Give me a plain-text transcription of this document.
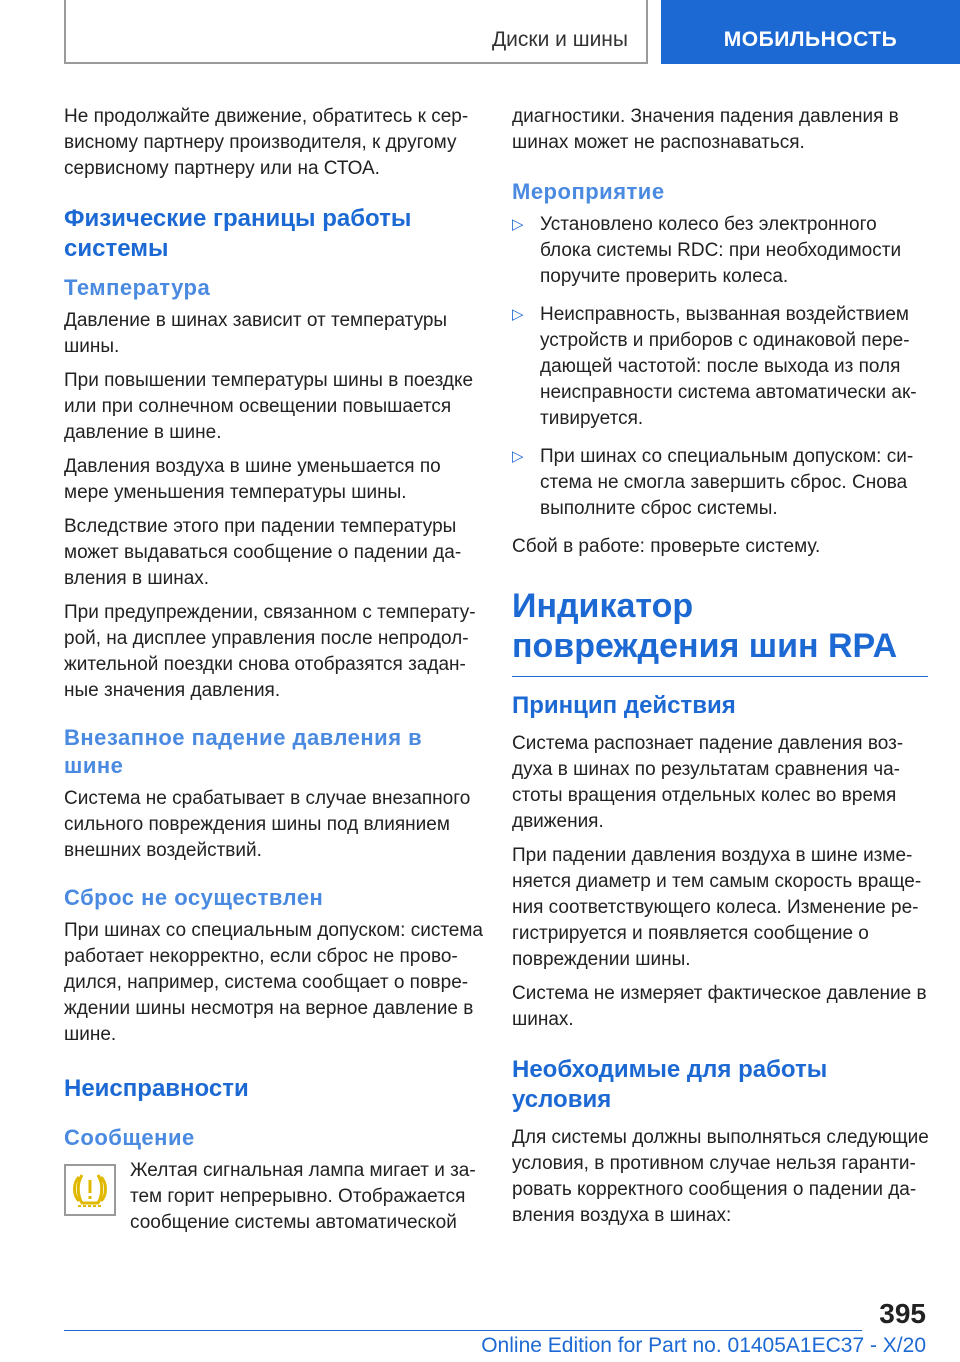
Диски и шины	МОБИЛЬНОСТЬ

Не продолжайте движение, обратитесь к сер-висному партнеру производителя, к другому сервисному партнеру или на СТОА.

Физические границы работы системы
Температура

Давление в шинах зависит от температуры шины.

При повышении температуры шины в поездке или при солнечном освещении повышается давление в шине.

Давления воздуха в шине уменьшается по мере уменьшения температуры шины.

Вследствие этого при падении температуры может выдаваться сообщение о падении да-вления в шинах.

При предупреждении, связанном с температу-рой, на дисплее управления после непродол-жительной поездки снова отобразятся задан-ные значения давления.

Внезапное падение давления в шине

Система не срабатывает в случае внезапного сильного повреждения шины под влиянием внешних воздействий.

Сброс не осуществлен

При шинах со специальным допуском: система работает некорректно, если сброс не прово-дился, например, система сообщает о повре-ждении шины несмотря на верное давление в шине.

Неисправности
Сообщение

Желтая сигнальная лампа мигает и за-тем горит непрерывно. Отображается сообщение системы автоматической

диагностики. Значения падения давления в шинах может не распознаваться.

Мероприятие
▷ Установлено колесо без электронного блока системы RDC: при необходимости поручите проверить колеса.
▷ Неисправность, вызванная воздействием устройств и приборов с одинаковой пере-дающей частотой: после выхода из поля неисправности система автоматически ак-тивируется.
▷ При шинах со специальным допуском: си-стема не смогла завершить сброс. Снова выполните сброс системы.

Сбой в работе: проверьте систему.

Индикатор повреждения шин RPA
Принцип действия

Система распознает падение давления воз-духа в шинах по результатам сравнения ча-стоты вращения отдельных колес во время движения.

При падении давления воздуха в шине изме-няется диаметр и тем самым скорость враще-ния соответствующего колеса. Изменение ре-гистрируется и появляется сообщение о повреждении шины.

Система не измеряет фактическое давление в шинах.

Необходимые для работы условия

Для системы должны выполняться следующие условия, в противном случае нельзя гаранти-ровать корректного сообщения о падении да-вления воздуха в шинах:

395
Online Edition for Part no. 01405A1EC37 - X/20
